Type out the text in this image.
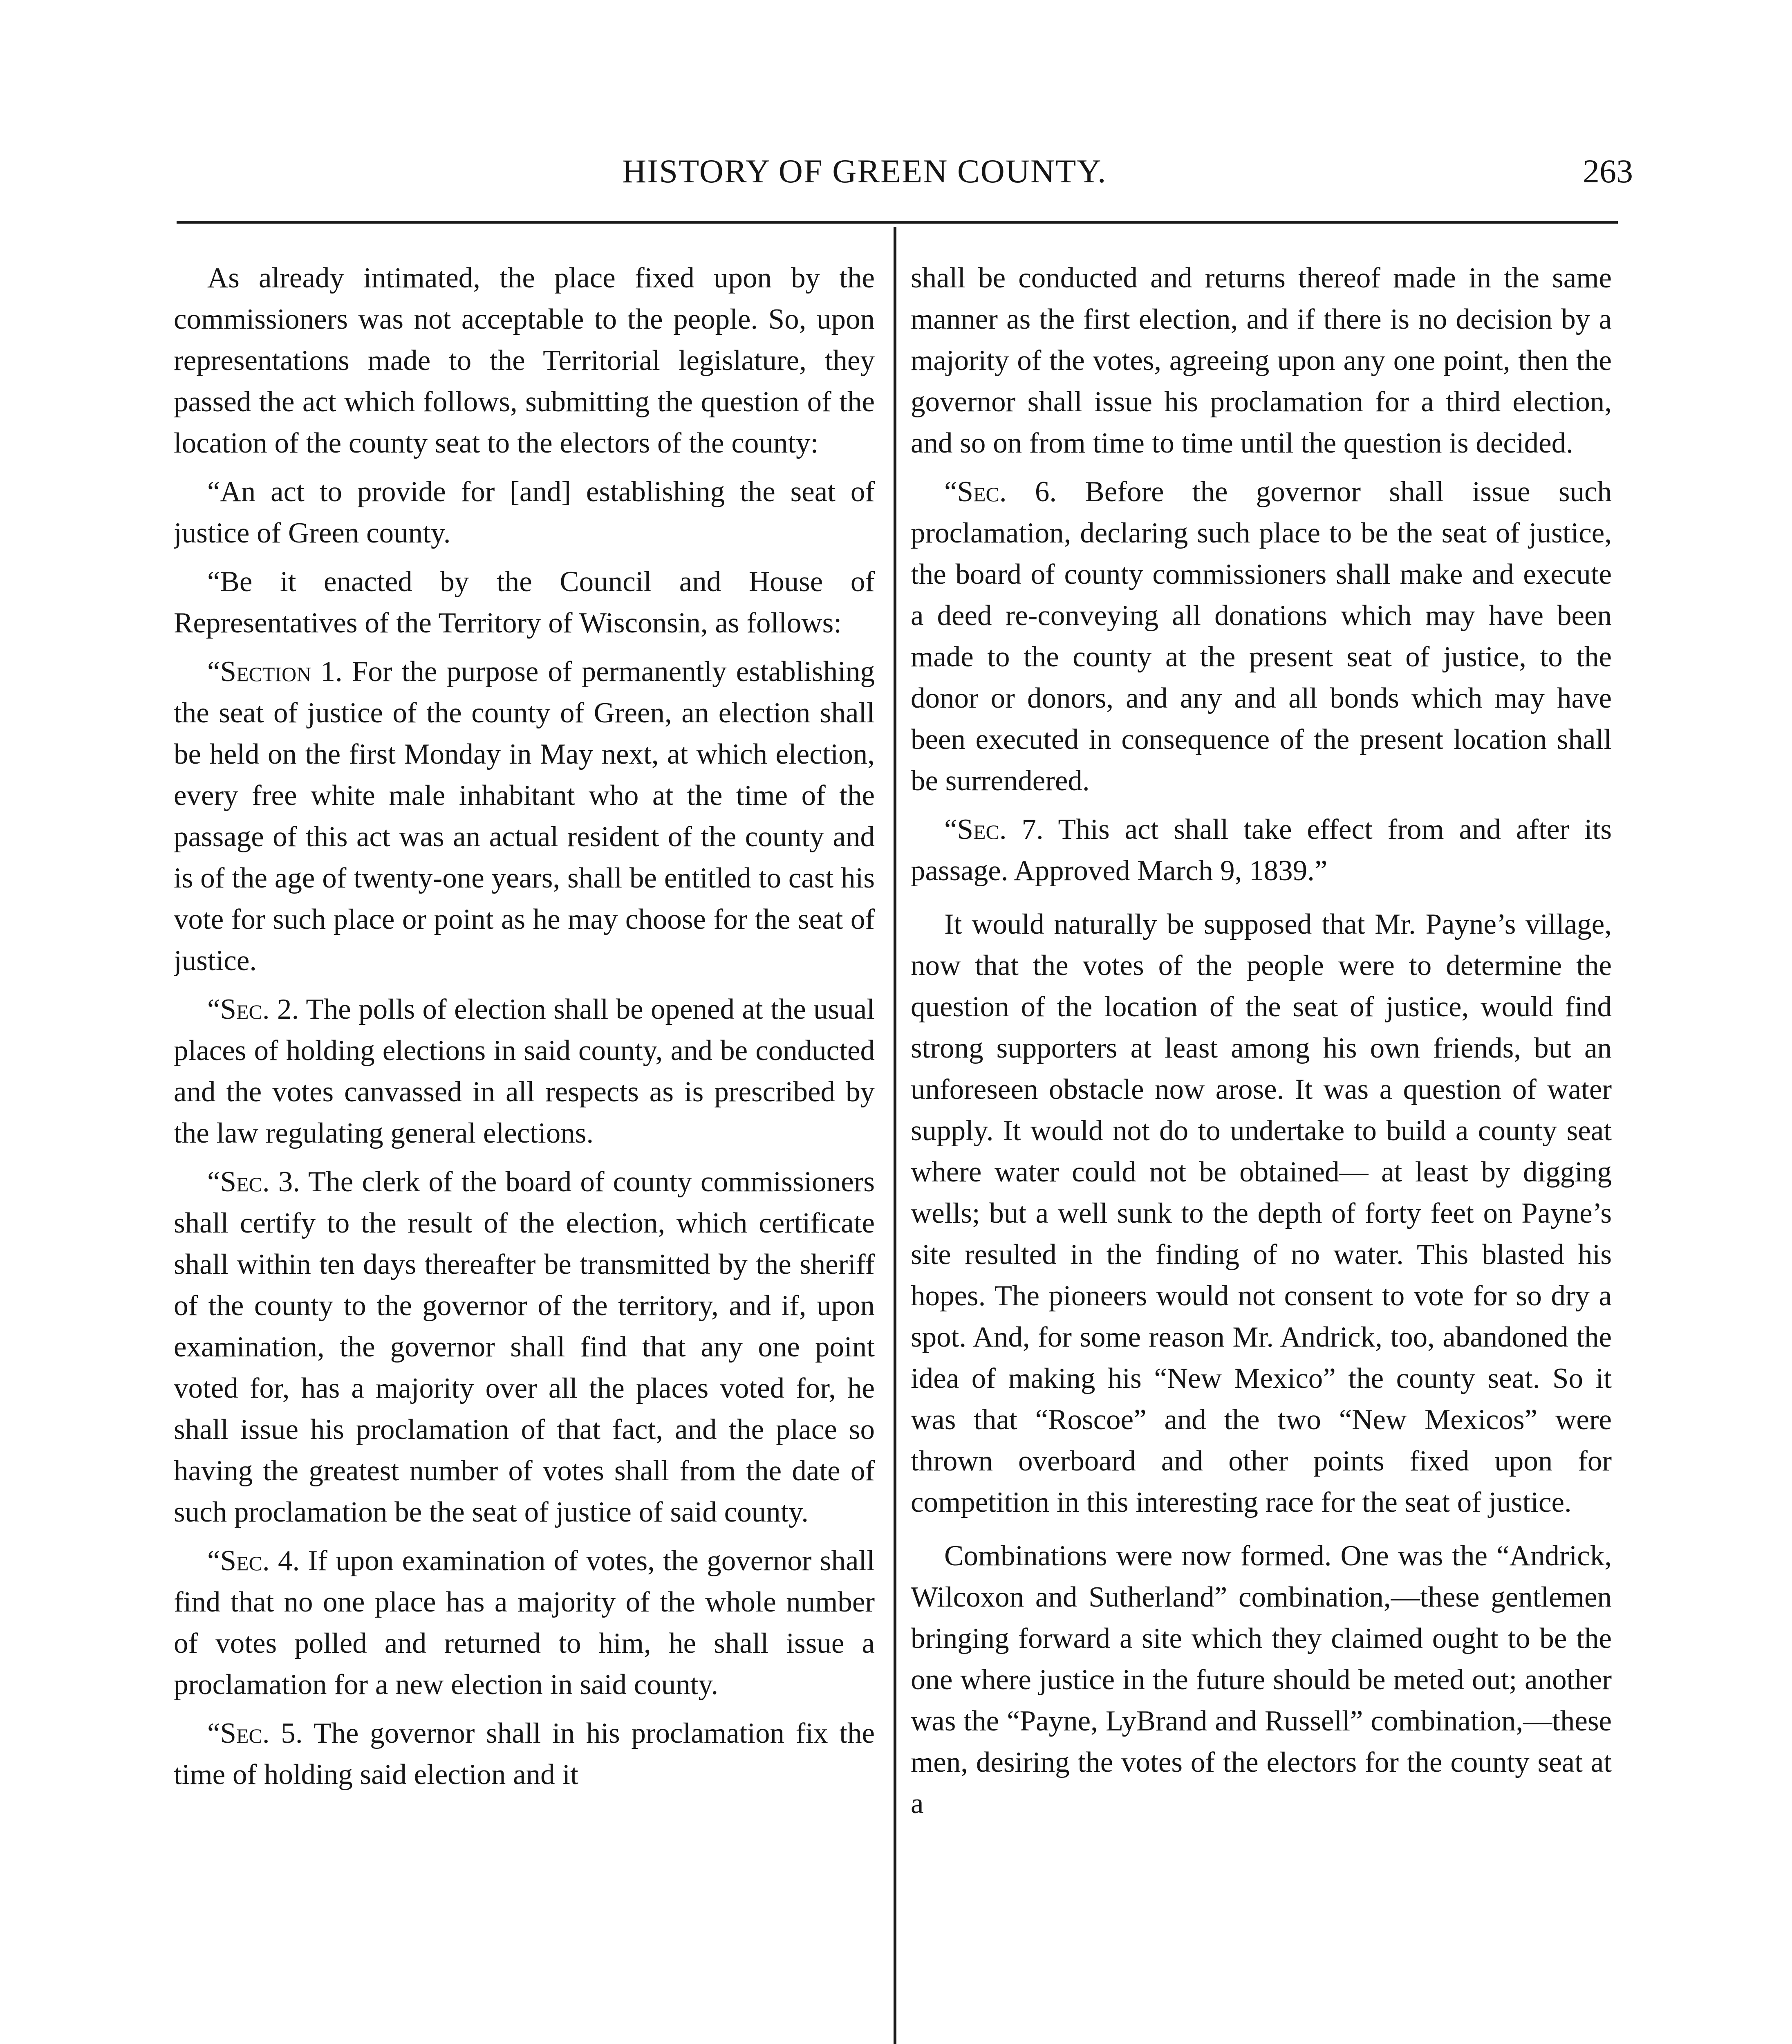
HISTORY OF GREEN COUNTY.	263

As already intimated, the place fixed upon by the commissioners was not acceptable to the people. So, upon representations made to the Territorial legislature, they passed the act which follows, submitting the question of the location of the county seat to the electors of the county:

“An act to provide for [and] establishing the seat of justice of Green county.

“Be it enacted by the Council and House of Representatives of the Territory of Wisconsin, as follows:

“Section 1. For the purpose of permanently establishing the seat of justice of the county of Green, an election shall be held on the first Monday in May next, at which election, every free white male inhabitant who at the time of the passage of this act was an actual resident of the county and is of the age of twenty-one years, shall be entitled to cast his vote for such place or point as he may choose for the seat of justice.

“Sec. 2. The polls of election shall be opened at the usual places of holding elections in said county, and be conducted and the votes canvassed in all respects as is prescribed by the law regulating general elections.

“Sec. 3. The clerk of the board of county commissioners shall certify to the result of the election, which certificate shall within ten days thereafter be transmitted by the sheriff of the county to the governor of the territory, and if, upon examination, the governor shall find that any one point voted for, has a majority over all the places voted for, he shall issue his proclamation of that fact, and the place so having the greatest number of votes shall from the date of such proclamation be the seat of justice of said county.

“Sec. 4. If upon examination of votes, the governor shall find that no one place has a majority of the whole number of votes polled and returned to him, he shall issue a proclamation for a new election in said county.

“Sec. 5. The governor shall in his proclamation fix the time of holding said election and it

shall be conducted and returns thereof made in the same manner as the first election, and if there is no decision by a majority of the votes, agreeing upon any one point, then the governor shall issue his proclamation for a third election, and so on from time to time until the question is decided.

“Sec. 6. Before the governor shall issue such proclamation, declaring such place to be the seat of justice, the board of county commissioners shall make and execute a deed re-conveying all donations which may have been made to the county at the present seat of justice, to the donor or donors, and any and all bonds which may have been executed in consequence of the present location shall be surrendered.

“Sec. 7. This act shall take effect from and after its passage. Approved March 9, 1839.”

It would naturally be supposed that Mr. Payne’s village, now that the votes of the people were to determine the question of the location of the seat of justice, would find strong supporters at least among his own friends, but an unforeseen obstacle now arose. It was a question of water supply. It would not do to undertake to build a county seat where water could not be obtained— at least by digging wells; but a well sunk to the depth of forty feet on Payne’s site resulted in the finding of no water. This blasted his hopes. The pioneers would not consent to vote for so dry a spot. And, for some reason Mr. Andrick, too, abandoned the idea of making his “New Mexico” the county seat. So it was that “Roscoe” and the two “New Mexicos” were thrown overboard and other points fixed upon for competition in this interesting race for the seat of justice.

Combinations were now formed. One was the “Andrick, Wilcoxon and Sutherland” combination,—these gentlemen bringing forward a site which they claimed ought to be the one where justice in the future should be meted out; another was the “Payne, LyBrand and Russell” combination,—these men, desiring the votes of the electors for the county seat at a
